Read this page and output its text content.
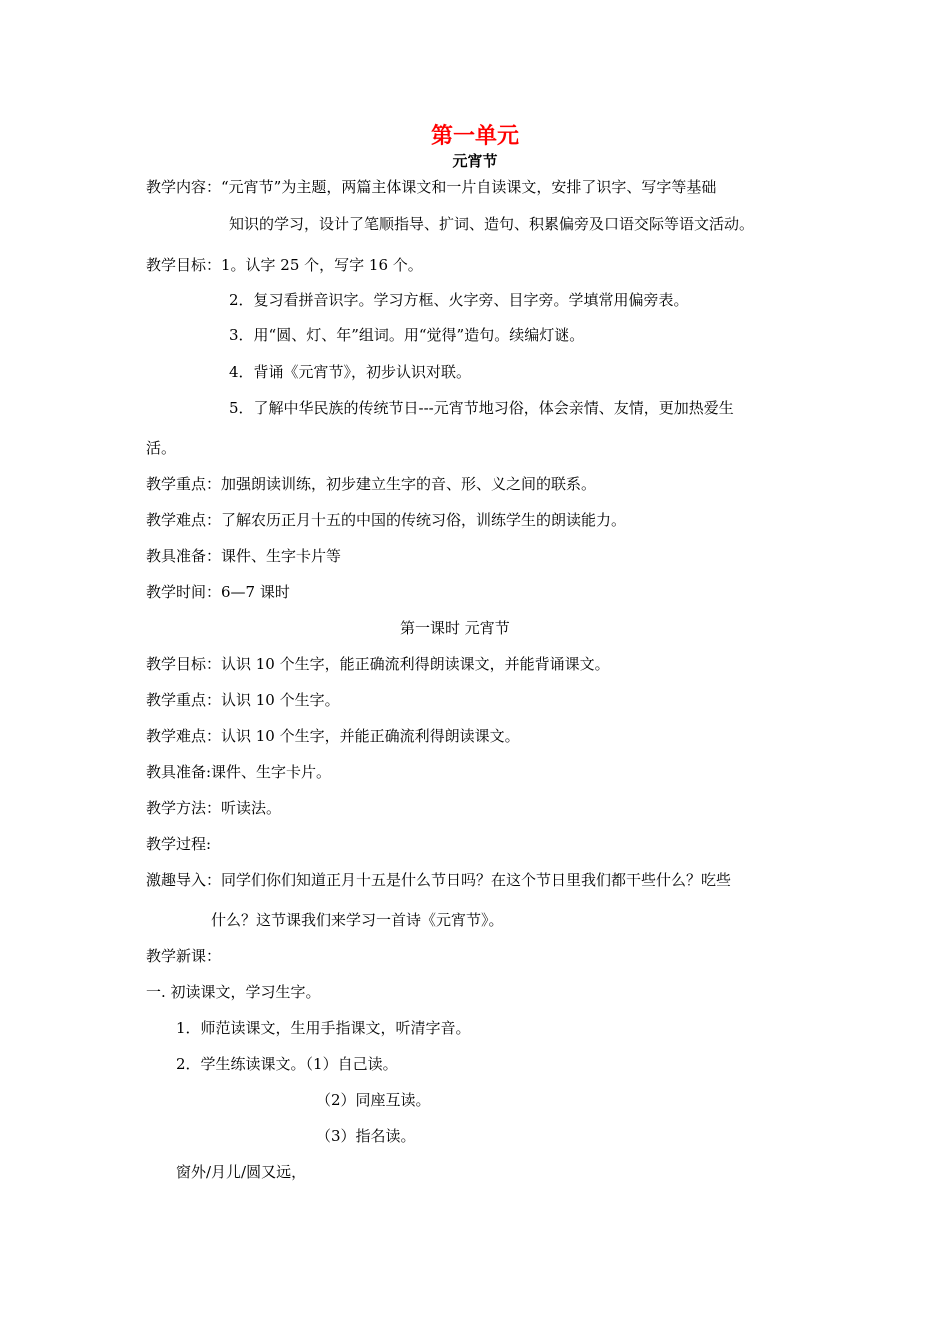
第一单元
元宵节
教学内容：“元宵节”为主题，两篇主体课文和一片自读课文，安排了识字、写字等基础
知识的学习，设计了笔顺指导、扩词、造句、积累偏旁及口语交际等语文活动。
教学目标：1。认字 25 个，写字 16 个。
2．复习看拼音识字。学习方框、火字旁、目字旁。学填常用偏旁表。
3．用“圆、灯、年”组词。用“觉得”造句。续编灯谜。
4．背诵《元宵节》，初步认识对联。
5．了解中华民族的传统节日---元宵节地习俗，体会亲情、友情，更加热爱生
活。
教学重点：加强朗读训练，初步建立生字的音、形、义之间的联系。
教学难点：了解农历正月十五的中国的传统习俗，训练学生的朗读能力。
教具准备：课件、生字卡片等
教学时间：6—7 课时
第一课时 元宵节
教学目标：认识 10 个生字，能正确流利得朗读课文，并能背诵课文。
教学重点：认识 10 个生字。
教学难点：认识 10 个生字，并能正确流利得朗读课文。
教具准备:课件、生字卡片。
教学方法：听读法。
教学过程:
激趣导入：同学们你们知道正月十五是什么节日吗？在这个节日里我们都干些什么？吃些
什么？这节课我们来学习一首诗《元宵节》。
教学新课：
一. 初读课文，学习生字。
1．师范读课文，生用手指课文，听清字音。
2．学生练读课文。（1）自己读。
（2）同座互读。
（3）指名读。
窗外/月儿/圆又远，
